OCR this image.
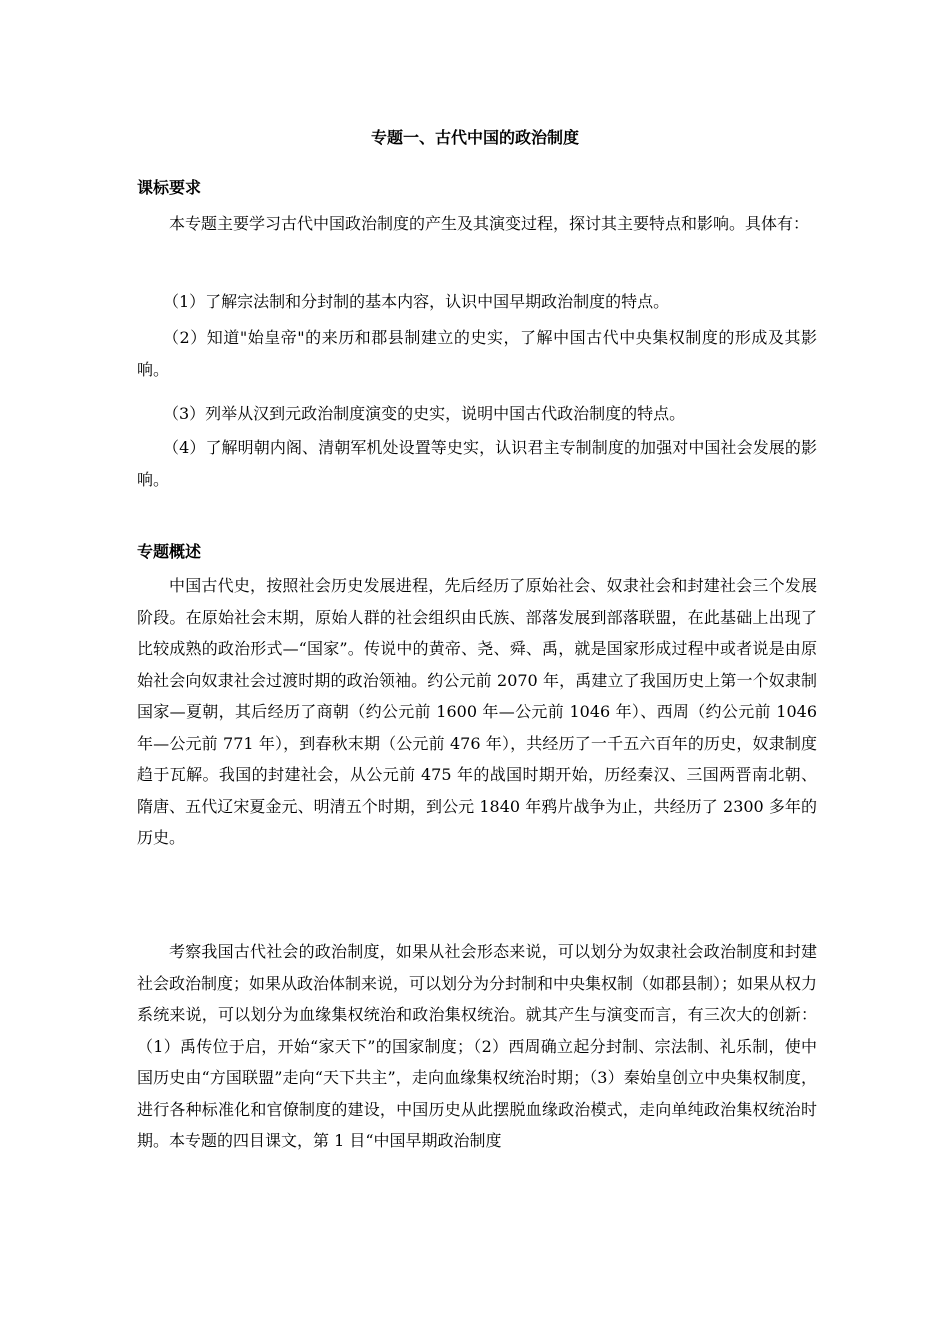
专题一、古代中国的政治制度
课标要求

本专题主要学习古代中国政治制度的产生及其演变过程，探讨其主要特点和影响。具体有：

（1）了解宗法制和分封制的基本内容，认识中国早期政治制度的特点。

（2）知道"始皇帝"的来历和郡县制建立的史实，了解中国古代中央集权制度的形成及其影响。

（3）列举从汉到元政治制度演变的史实，说明中国古代政治制度的特点。

（4）了解明朝内阁、清朝军机处设置等史实，认识君主专制制度的加强对中国社会发展的影响。

专题概述

中国古代史，按照社会历史发展进程，先后经历了原始社会、奴隶社会和封建社会三个发展阶段。在原始社会末期，原始人群的社会组织由氏族、部落发展到部落联盟，在此基础上出现了比较成熟的政治形式—“国家”。传说中的黄帝、尧、舜、禹，就是国家形成过程中或者说是由原始社会向奴隶社会过渡时期的政治领袖。约公元前 2070 年，禹建立了我国历史上第一个奴隶制国家—夏朝，其后经历了商朝（约公元前 1600 年—公元前 1046 年）、西周（约公元前 1046 年—公元前 771 年），到春秋末期（公元前 476 年），共经历了一千五六百年的历史，奴隶制度趋于瓦解。我国的封建社会，从公元前 475 年的战国时期开始，历经秦汉、三国两晋南北朝、隋唐、五代辽宋夏金元、明清五个时期，到公元 1840 年鸦片战争为止，共经历了 2300 多年的历史。

考察我国古代社会的政治制度，如果从社会形态来说，可以划分为奴隶社会政治制度和封建社会政治制度；如果从政治体制来说，可以划分为分封制和中央集权制（如郡县制）；如果从权力系统来说，可以划分为血缘集权统治和政治集权统治。就其产生与演变而言，有三次大的创新：（1）禹传位于启，开始“家天下”的国家制度；（2）西周确立起分封制、宗法制、礼乐制，使中国历史由“方国联盟”走向“天下共主”，走向血缘集权统治时期；（3）秦始皇创立中央集权制度，进行各种标准化和官僚制度的建设，中国历史从此摆脱血缘政治模式，走向单纯政治集权统治时期。本专题的四目课文，第 1 目“中国早期政治制度
